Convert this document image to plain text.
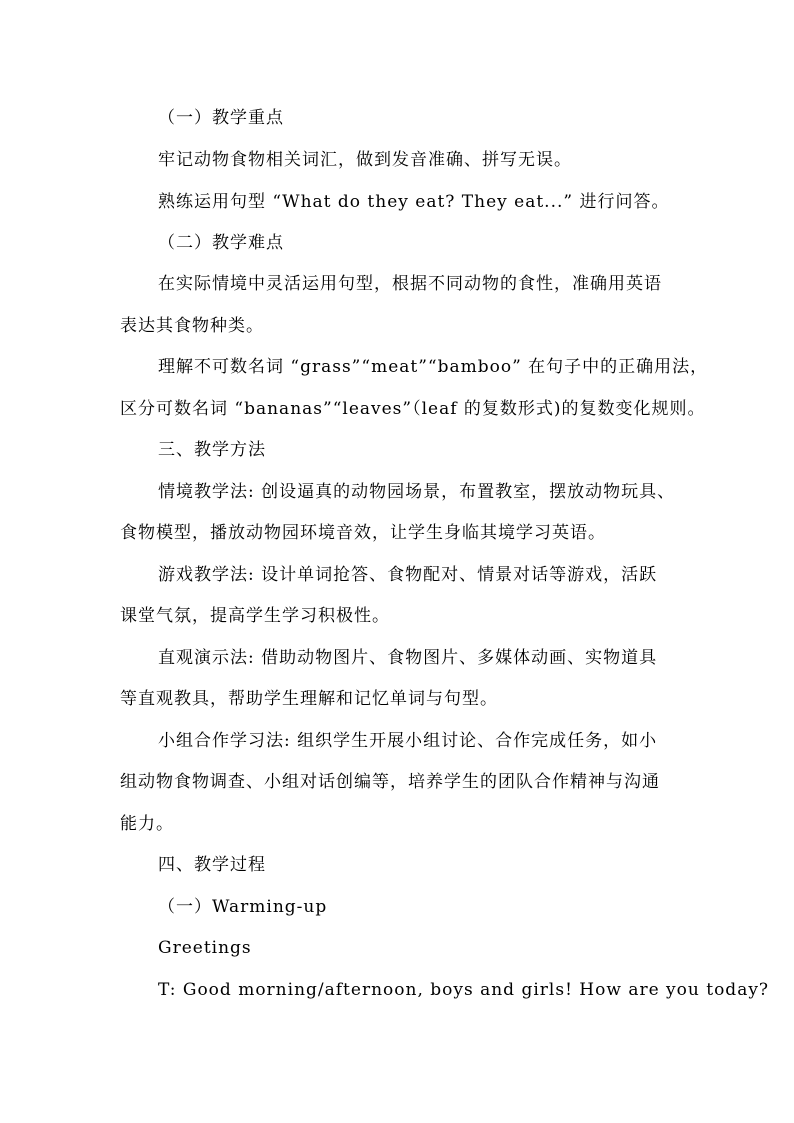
（一）教学重点
牢记动物食物相关词汇，做到发音准确、拼写无误。
熟练运用句型 “What do they eat? They eat...” 进行问答。
（二）教学难点
在实际情境中灵活运用句型，根据不同动物的食性，准确用英语
表达其食物种类。
理解不可数名词 “grass”“meat”“bamboo” 在句子中的正确用法，
区分可数名词 “bananas”“leaves”（leaf 的复数形式)的复数变化规则。
三、教学方法
情境教学法: 创设逼真的动物园场景，布置教室，摆放动物玩具、
食物模型，播放动物园环境音效，让学生身临其境学习英语。
游戏教学法: 设计单词抢答、食物配对、情景对话等游戏，活跃
课堂气氛，提高学生学习积极性。
直观演示法: 借助动物图片、食物图片、多媒体动画、实物道具
等直观教具，帮助学生理解和记忆单词与句型。
小组合作学习法: 组织学生开展小组讨论、合作完成任务，如小
组动物食物调查、小组对话创编等，培养学生的团队合作精神与沟通
能力。
四、教学过程
（一）Warming-up
Greetings
T: Good morning/afternoon, boys and girls! How are you today?
